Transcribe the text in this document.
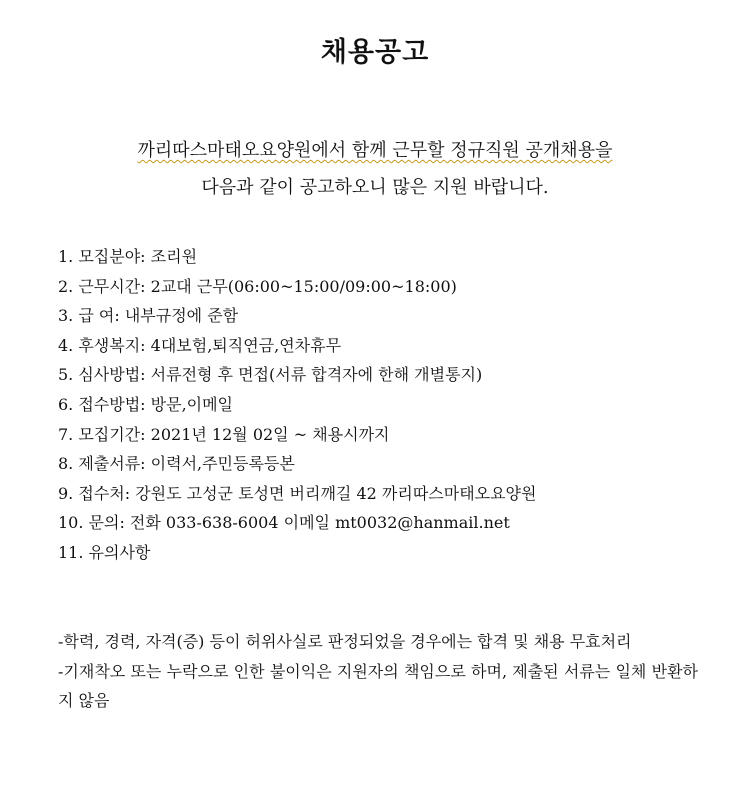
채용공고
까리따스마태오요양원에서 함께 근무할 정규직원 공개채용을
다음과 같이 공고하오니 많은 지원 바랍니다.
1. 모집분야: 조리원
2. 근무시간: 2교대 근무(06:00~15:00/09:00~18:00)
3. 급 여: 내부규정에 준함
4. 후생복지: 4대보험,퇴직연금,연차휴무
5. 심사방법: 서류전형 후 면접(서류 합격자에 한해 개별통지)
6. 접수방법: 방문,이메일
7. 모집기간: 2021년 12월 02일 ~ 채용시까지
8. 제출서류: 이력서,주민등록등본
9. 접수처: 강원도 고성군 토성면 버리깨길 42 까리따스마태오요양원
10. 문의: 전화 033-638-6004 이메일 mt0032@hanmail.net
11. 유의사항

-학력, 경력, 자격(증) 등이 허위사실로 판정되었을 경우에는 합격 및 채용 무효처리

-기재착오 또는 누락으로 인한 불이익은 지원자의 책임으로 하며, 제출된 서류는 일체 반환하지 않음
